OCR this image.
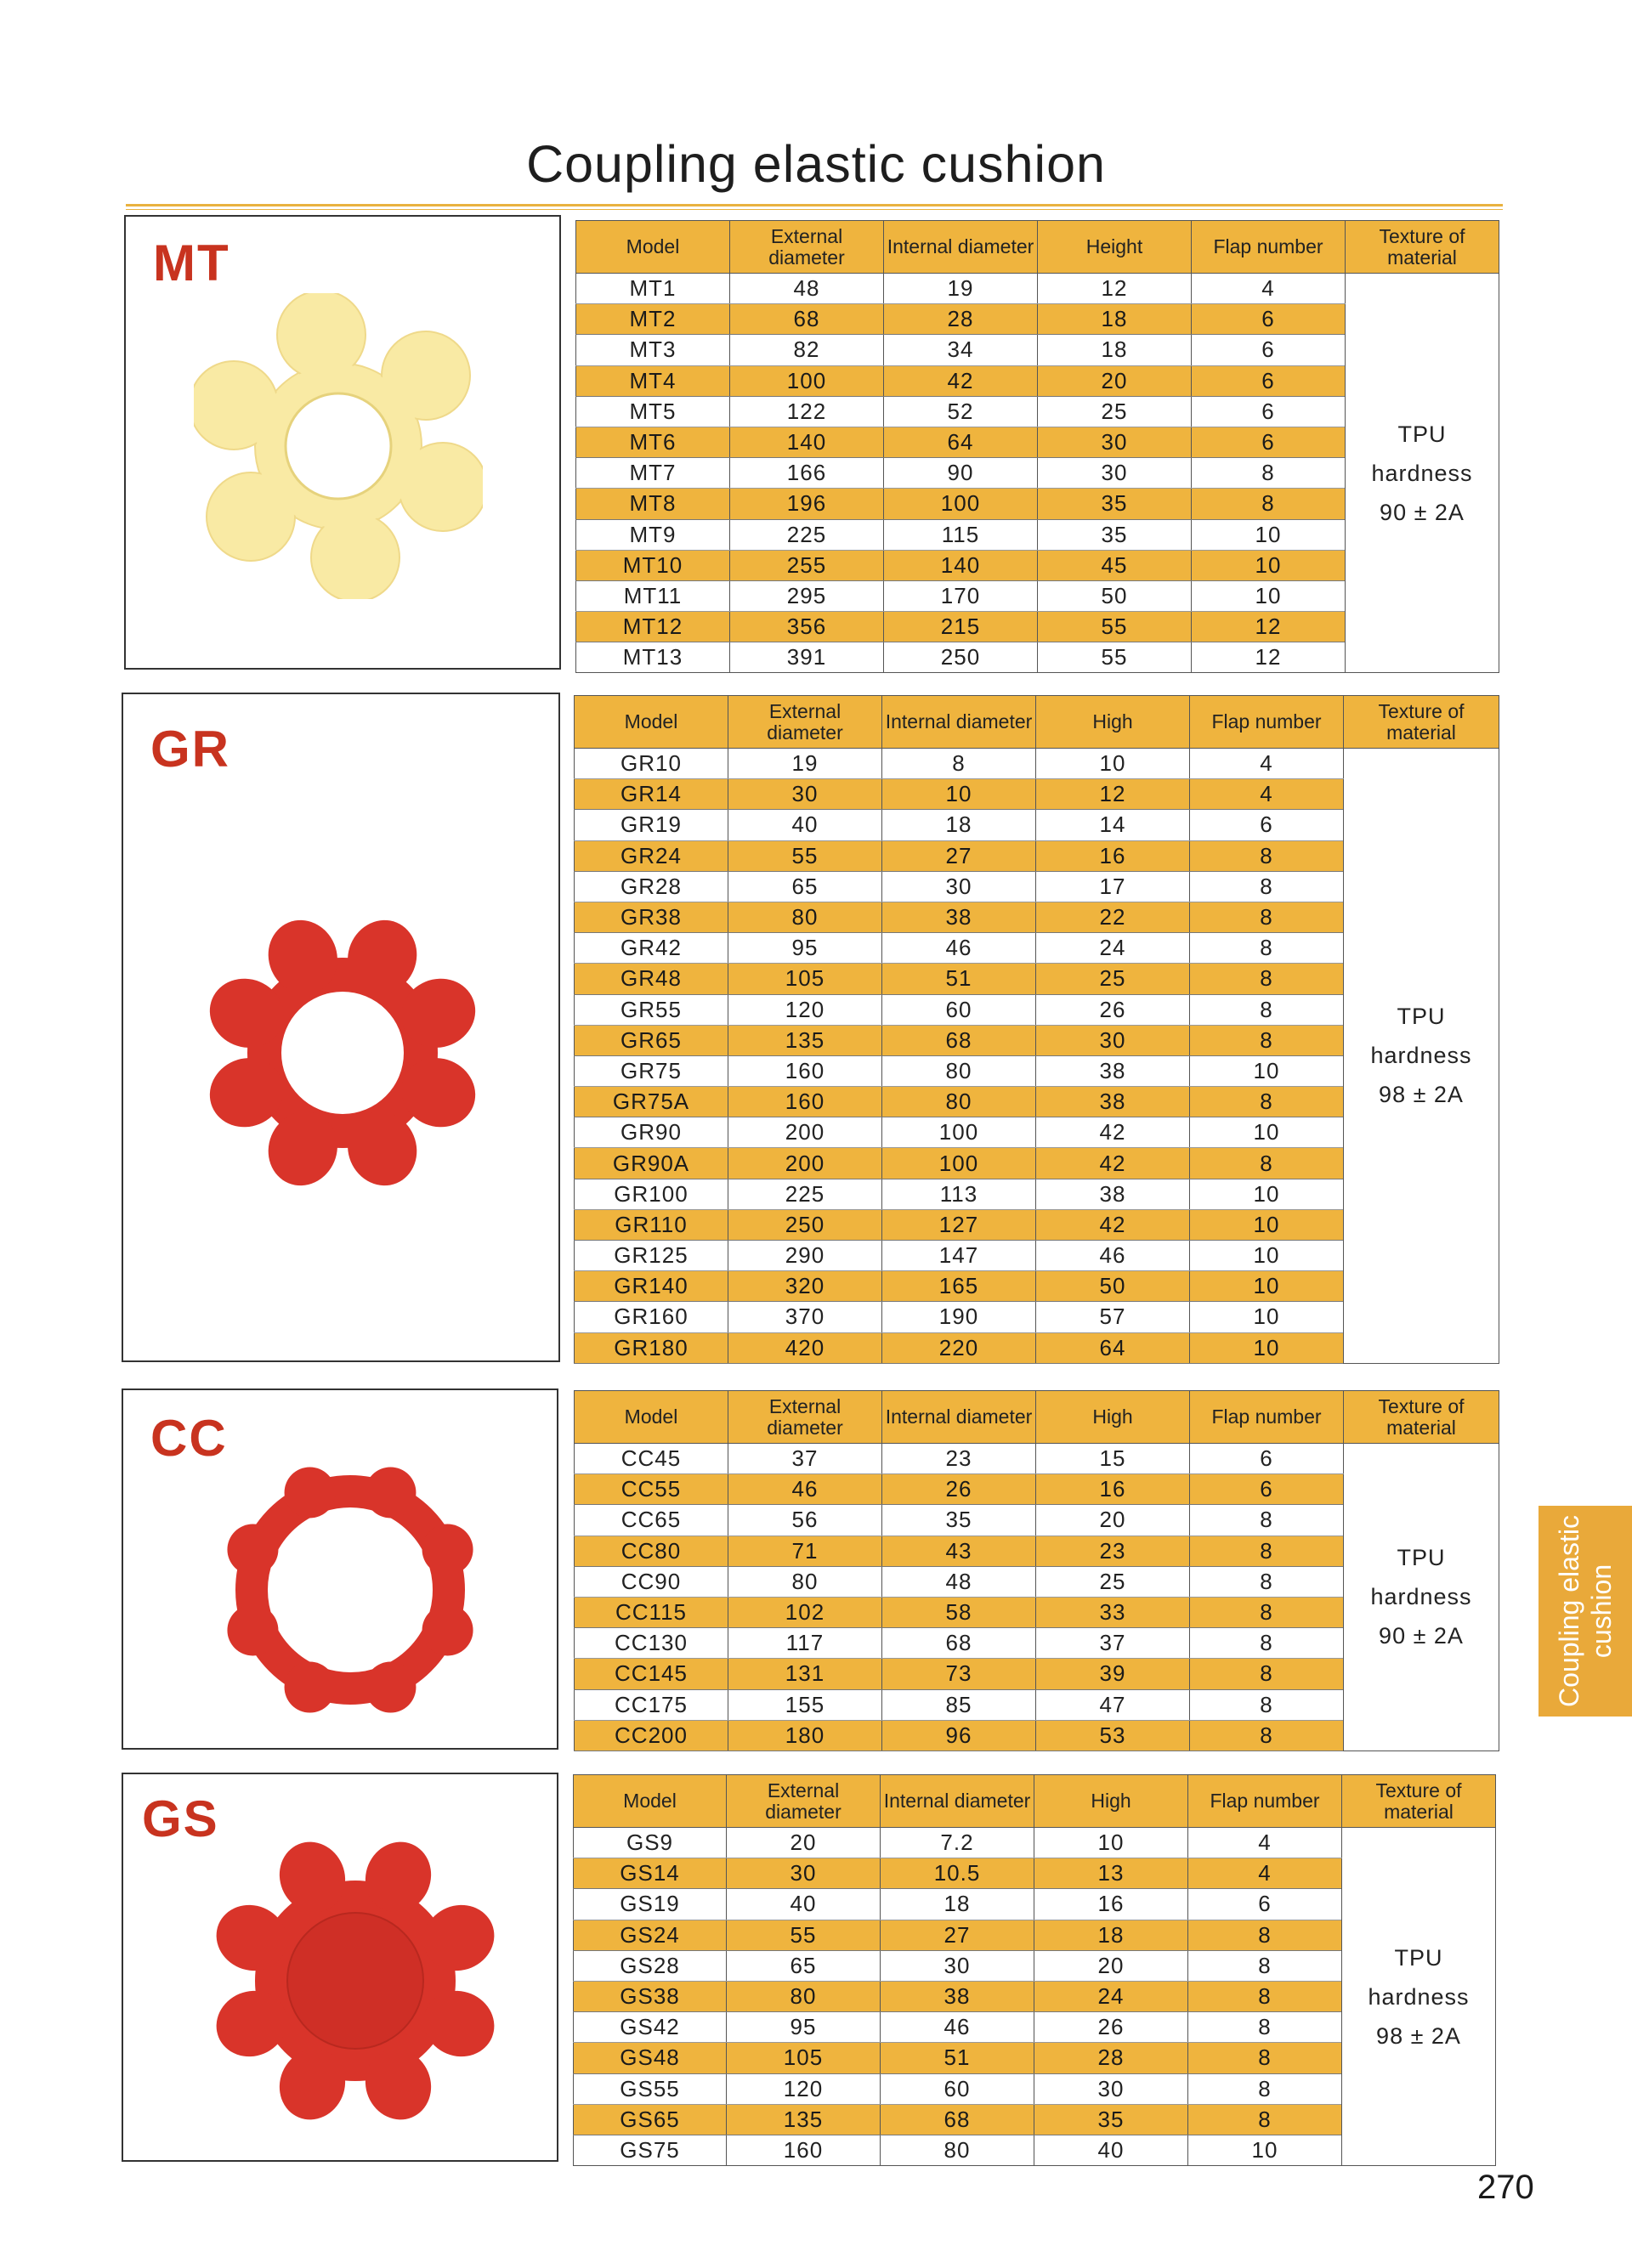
Coupling elastic cushion
MT	Model	External diameter	Internal diameter	Height	Flap number	Texture of material
MT1	48	19	12	4	TPU
hardness
90 ± 2A

MT2	68	28	18	6	
MT3	82	34	18	6	
MT4	100	42	20	6	
MT5	122	52	25	6	
MT6	140	64	30	6	
MT7	166	90	30	8	
MT8	196	100	35	8	
MT9	225	115	35	10	
MT10	255	140	45	10	
MT11	295	170	50	10	
MT12	356	215	55	12	
MT13	391	250	55	12	
GR	Model	External diameter	Internal diameter	High	Flap number	Texture of material
GR10	19	8	10	4	TPU
hardness
98 ± 2A

GR14	30	10	12	4	
GR19	40	18	14	6	
GR24	55	27	16	8	
GR28	65	30	17	8	
GR38	80	38	22	8	
GR42	95	46	24	8	
GR48	105	51	25	8	
GR55	120	60	26	8	
GR65	135	68	30	8	
GR75	160	80	38	10	
GR75A	160	80	38	8	
GR90	200	100	42	10	
GR90A	200	100	42	8	
GR100	225	113	38	10	
GR110	250	127	42	10	
GR125	290	147	46	10	
GR140	320	165	50	10	
GR160	370	190	57	10	
GR180	420	220	64	10	
CC	Model	External diameter	Internal diameter	High	Flap number	Texture of material
CC45	37	23	15	6	TPU
hardness
90 ± 2A

CC55	46	26	16	6	
CC65	56	35	20	8	
CC80	71	43	23	8	
CC90	80	48	25	8	
CC115	102	58	33	8	
CC130	117	68	37	8	
CC145	131	73	39	8	
CC175	155	85	47	8	
CC200	180	96	53	8	
GS	Model	External diameter	Internal diameter	High	Flap number	Texture of material
GS9	20	7.2	10	4	TPU
hardness
98 ± 2A

GS14	30	10.5	13	4	
GS19	40	18	16	6	
GS24	55	27	18	8	
GS28	65	30	20	8	
GS38	80	38	24	8	
GS42	95	46	26	8	
GS48	105	51	28	8	
GS55	120	60	30	8	
GS65	135	68	35	8	
GS75	160	80	40	10	
Coupling elastic cushion
270
